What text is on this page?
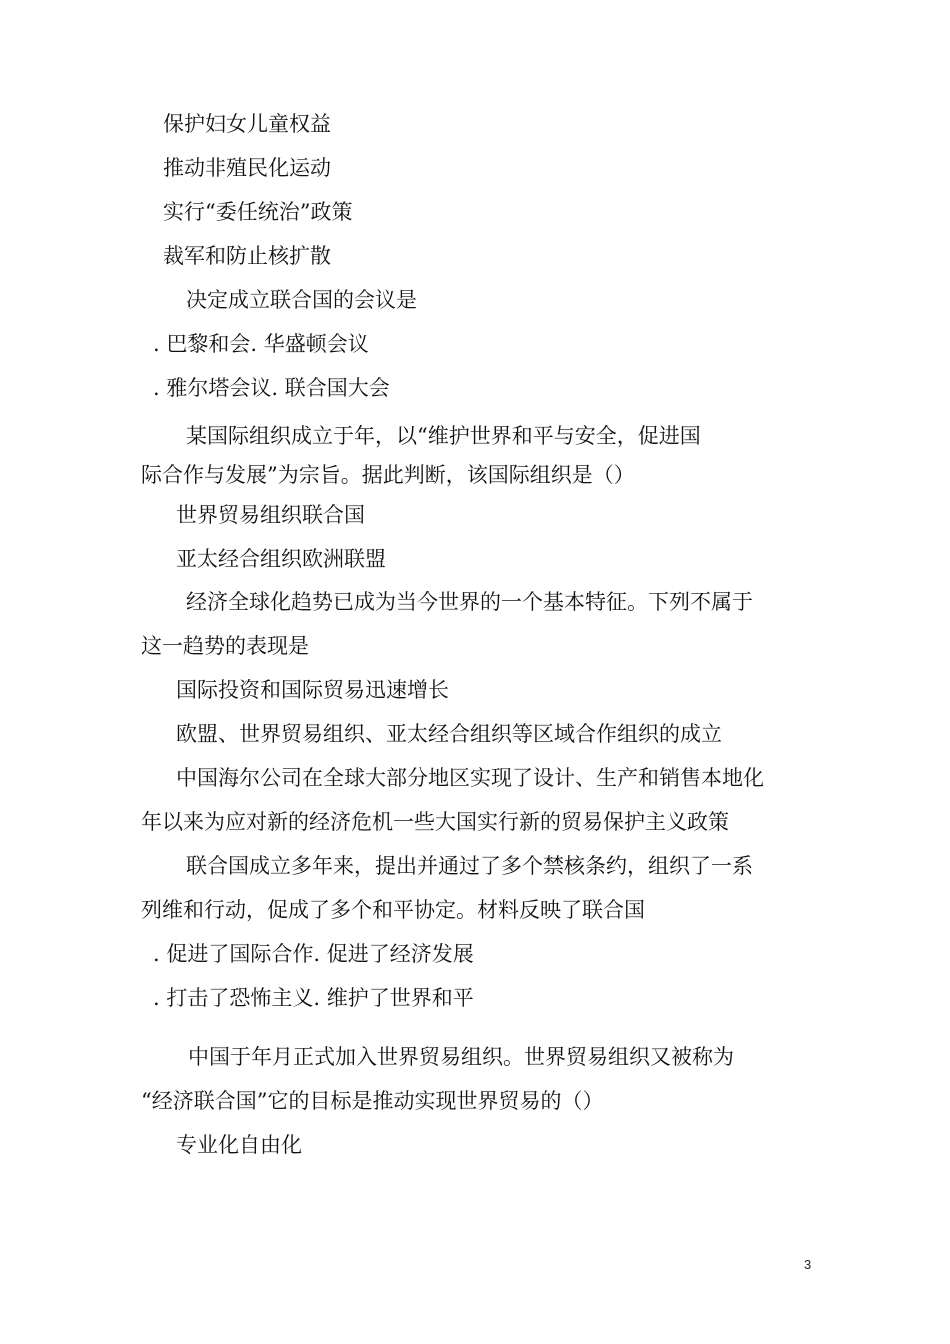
保护妇女儿童权益
推动非殖民化运动
实行“委任统治”政策
裁军和防止核扩散
决定成立联合国的会议是
. 巴黎和会. 华盛顿会议
. 雅尔塔会议. 联合国大会
某国际组织成立于年，以“维护世界和平与安全，促进国
际合作与发展”为宗旨。据此判断，该国际组织是（）
世界贸易组织联合国
亚太经合组织欧洲联盟
经济全球化趋势已成为当今世界的一个基本特征。下列不属于
这一趋势的表现是
国际投资和国际贸易迅速增长
欧盟、世界贸易组织、亚太经合组织等区域合作组织的成立
中国海尔公司在全球大部分地区实现了设计、生产和销售本地化
年以来为应对新的经济危机一些大国实行新的贸易保护主义政策
联合国成立多年来，提出并通过了多个禁核条约，组织了一系
列维和行动，促成了多个和平协定。材料反映了联合国
. 促进了国际合作. 促进了经济发展
. 打击了恐怖主义. 维护了世界和平
中国于年月正式加入世界贸易组织。世界贸易组织又被称为
“经济联合国”它的目标是推动实现世界贸易的（）
专业化自由化
3
